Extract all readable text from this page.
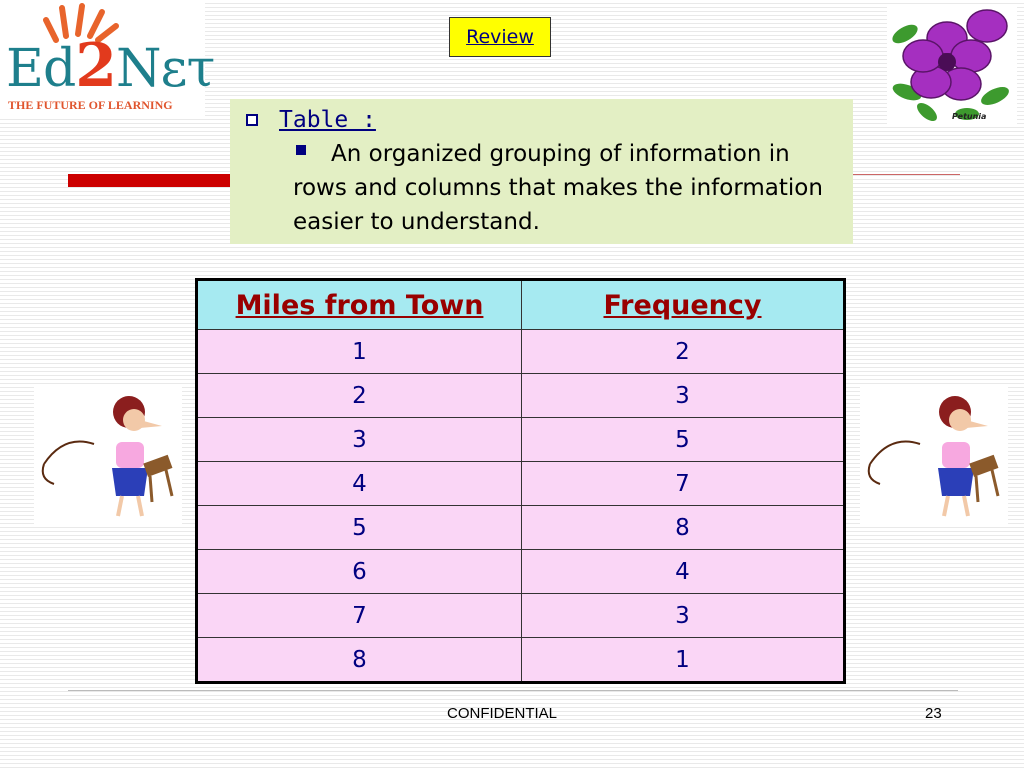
Ed2Nετ
THE FUTURE OF LEARNING
Review
Petunia
Table :
An organized grouping of information in rows and columns that makes the information easier to understand.
Miles from Town	Frequency
1	2
2	3
3	5
4	7
5	8
6	4
7	3
8	1
CONFIDENTIAL	23
